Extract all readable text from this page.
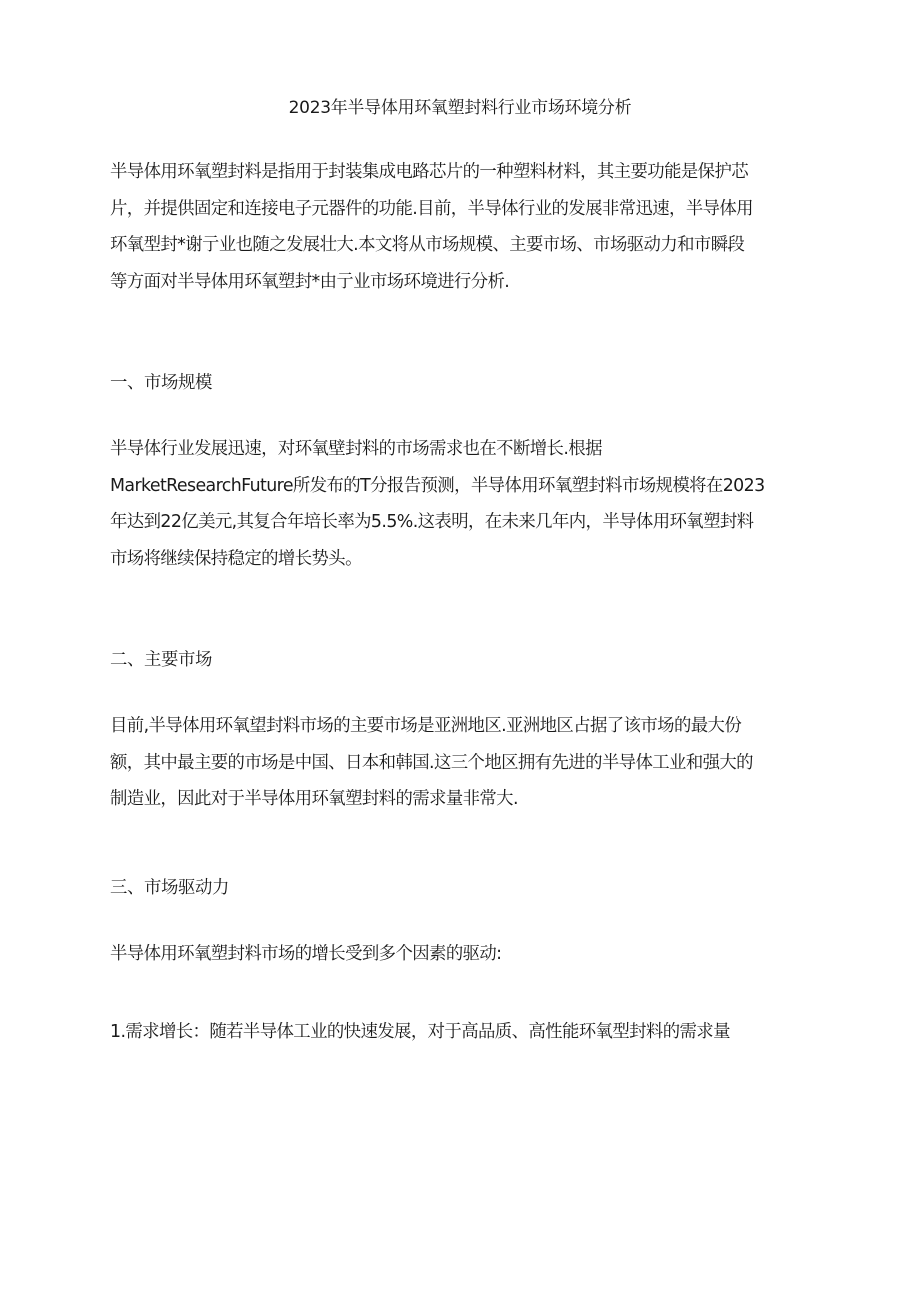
2023年半导体用环氧塑封料行业市场环境分析
半导体用环氧塑封料是指用于封装集成电路芯片的一种塑料材料，其主要功能是保护芯
片，并提供固定和连接电子元器件的功能.目前，半导体行业的发展非常迅速，半导体用
环氧型封*谢亍业也随之发展壮大.本文将从市场规模、主要市场、市场驱动力和市瞬段
等方面对半导体用环氧塑封*由亍业市场环境进行分析.
一、市场规模
半导体行业发展迅速，对环氧壁封料的市场需求也在不断增长.根据
MarketResearchFuture所发布的T分报告预测，半导体用环氧塑封料市场规模将在2023
年达到22亿美元,其复合年培长率为5.5%.这表明，在未来几年内，半导体用环氧塑封料
市场将继续保持稳定的增长势头。
二、主要市场
目前,半导体用环氧望封料市场的主要市场是亚洲地区.亚洲地区占据了该市场的最大份
额，其中最主要的市场是中国、日本和韩国.这三个地区拥有先进的半导体工业和强大的
制造业，因此对于半导体用环氧塑封料的需求量非常大.
三、市场驱动力
半导体用环氧塑封料市场的增长受到多个因素的驱动:
1.需求增长：随若半导体工业的快速发展，对于高品质、高性能环氧型封料的需求量
